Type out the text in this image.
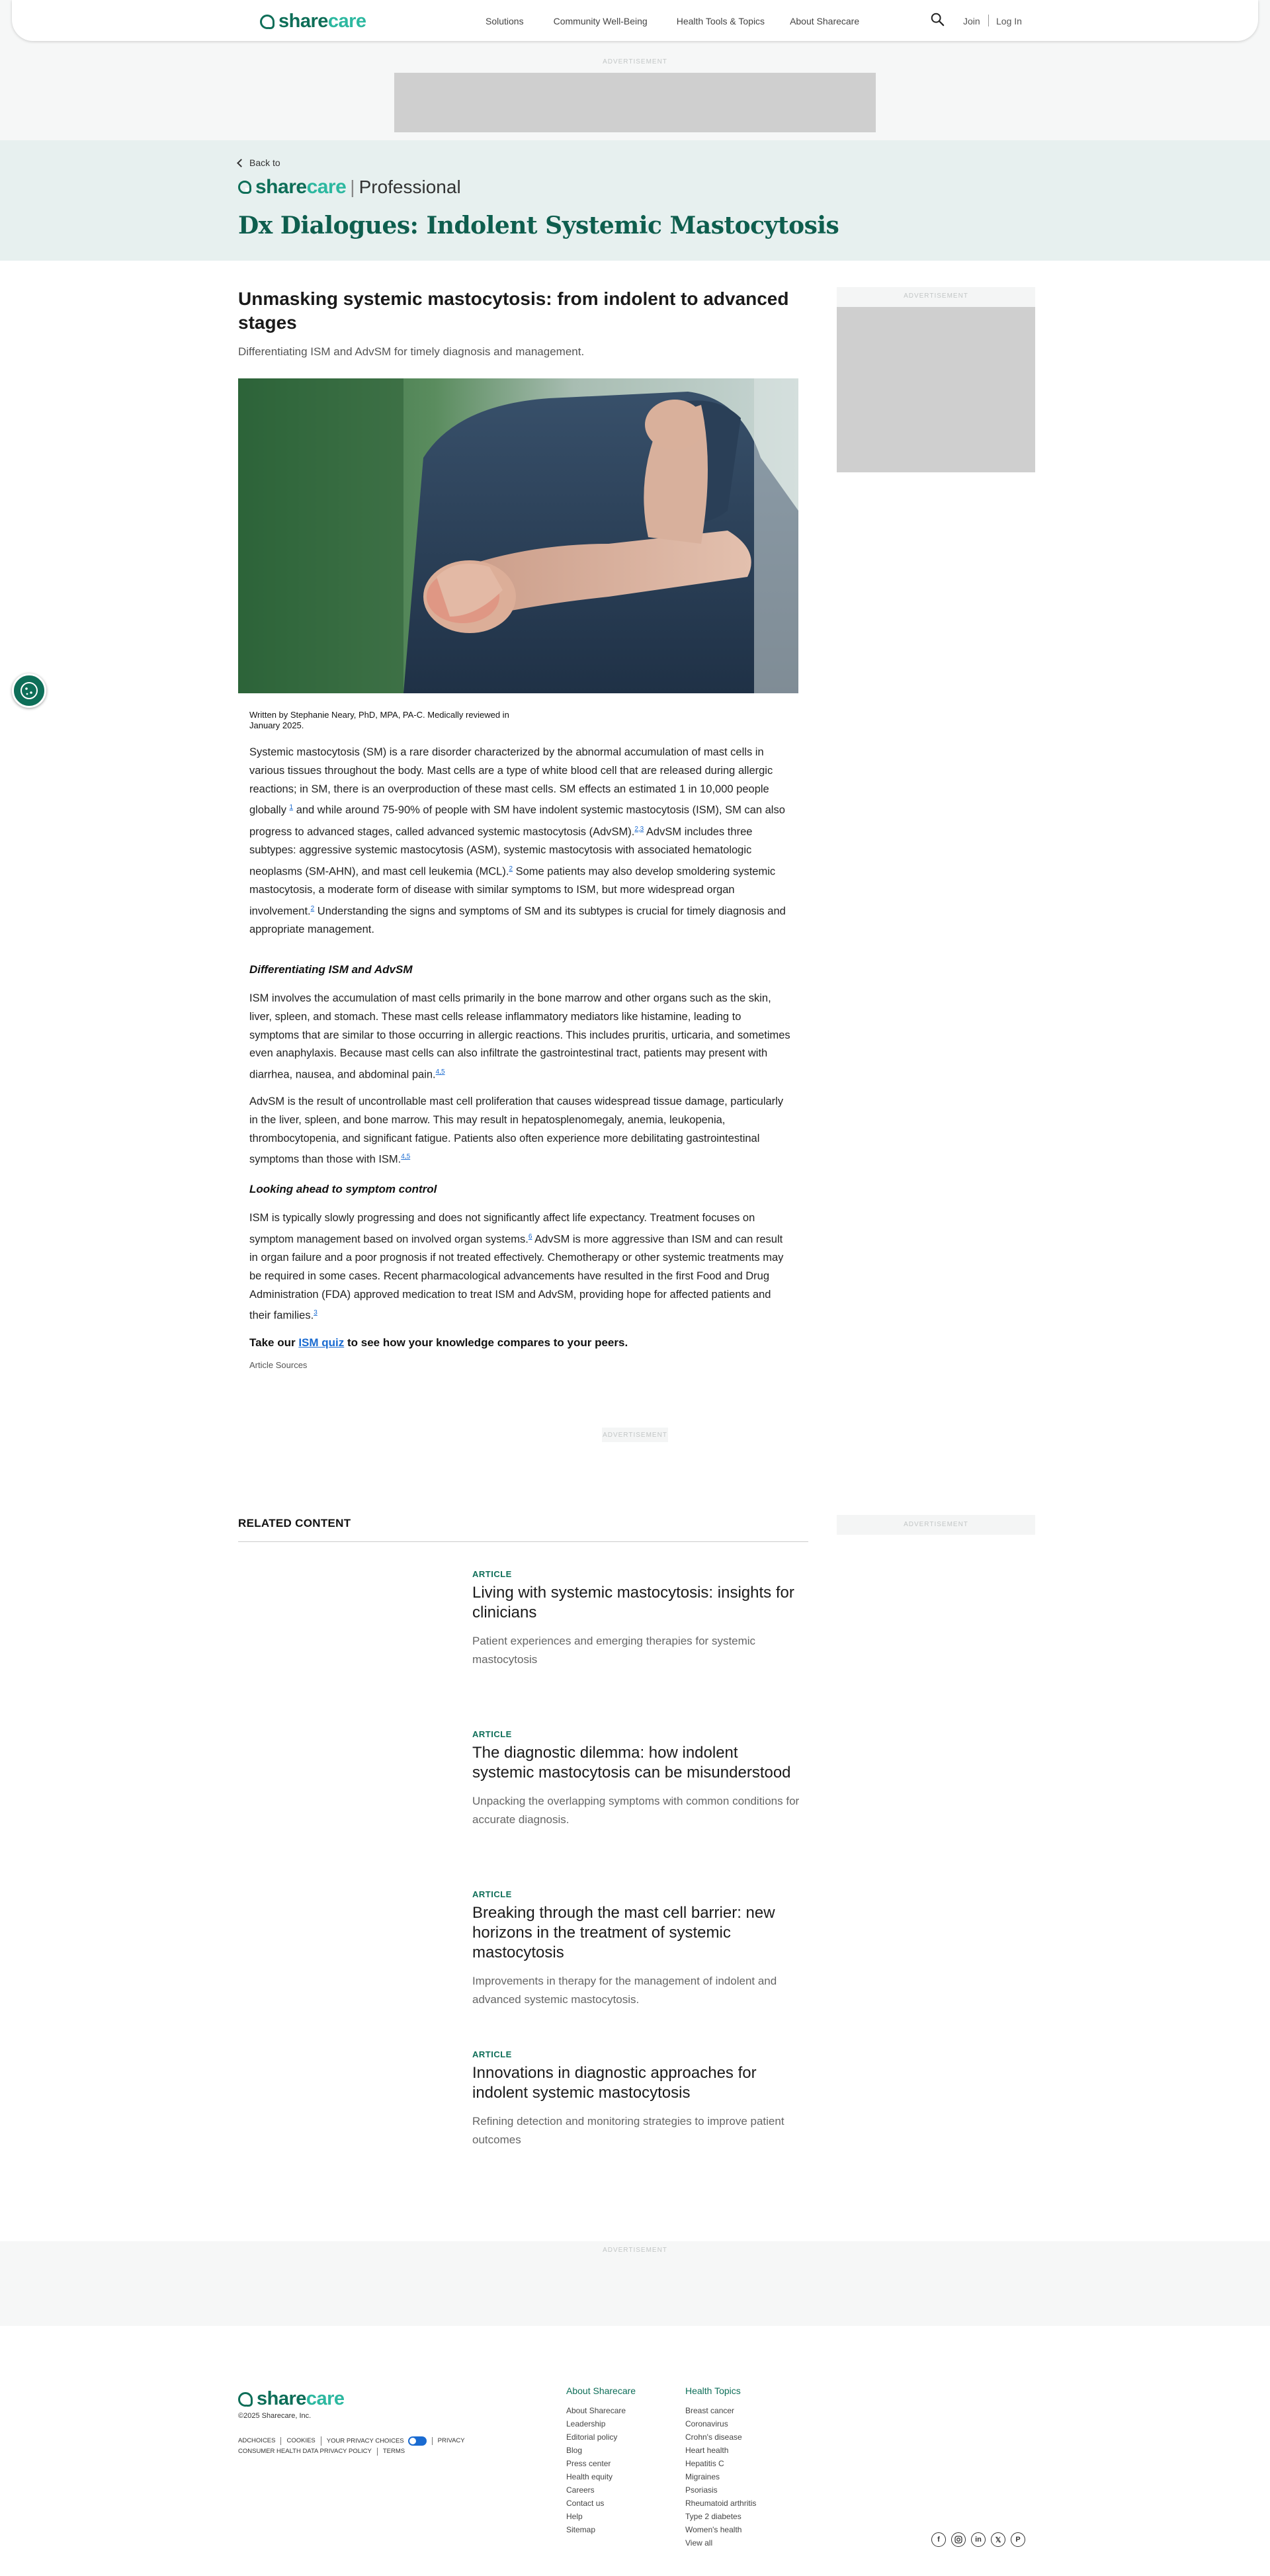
share care	Solutions	Community Well-Being	Health Tools & Topics	About Sharecare	Join Log In
ADVERTISEMENT
Back to
share care
| Professional
Dx Dialogues: Indolent Systemic Mastocytosis
ADVERTISEMENT
Unmasking systemic mastocytosis: from indolent to advanced stages

Differentiating ISM and AdvSM for timely diagnosis and management.

Written by Stephanie Neary, PhD, MPA, PA-C. Medically reviewed in January 2025.

Systemic mastocytosis (SM) is a rare disorder characterized by the abnormal accumulation of mast cells in various tissues throughout the body. Mast cells are a type of white blood cell that are released during allergic reactions; in SM, there is an overproduction of these mast cells. SM effects an estimated 1 in 10,000 people globally $^1$ and while around 75-90% of people with SM have indolent systemic mastocytosis (ISM), SM can also progress to advanced stages, called advanced systemic mastocytosis (AdvSM).$^{2,3}$ AdvSM includes three subtypes: aggressive systemic mastocytosis (ASM), systemic mastocytosis with associated hematologic neoplasms (SM-AHN), and mast cell leukemia (MCL).$^2$ Some patients may also develop smoldering systemic mastocytosis, a moderate form of disease with similar symptoms to ISM, but more widespread organ involvement.$^2$ Understanding the signs and symptoms of SM and its subtypes is crucial for timely diagnosis and appropriate management.

Differentiating ISM and AdvSM

ISM involves the accumulation of mast cells primarily in the bone marrow and other organs such as the skin, liver, spleen, and stomach. These mast cells release inflammatory mediators like histamine, leading to symptoms that are similar to those occurring in allergic reactions. This includes pruritis, urticaria, and sometimes even anaphylaxis. Because mast cells can also infiltrate the gastrointestinal tract, patients may present with diarrhea, nausea, and abdominal pain.$^{4,5}$

AdvSM is the result of uncontrollable mast cell proliferation that causes widespread tissue damage, particularly in the liver, spleen, and bone marrow. This may result in hepatosplenomegaly, anemia, leukopenia, thrombocytopenia, and significant fatigue. Patients also often experience more debilitating gastrointestinal symptoms than those with ISM.$^{4,5}$

Looking ahead to symptom control

ISM is typically slowly progressing and does not significantly affect life expectancy. Treatment focuses on symptom management based on involved organ systems.$^6$ AdvSM is more aggressive than ISM and can result in organ failure and a poor prognosis if not treated effectively. Chemotherapy or other systemic treatments may be required in some cases. Recent pharmacological advancements have resulted in the first Food and Drug Administration (FDA) approved medication to treat ISM and AdvSM, providing hope for affected patients and their families.$^3$

Take our ISM quiz to see how your knowledge compares to your peers.

Article Sources
ADVERTISEMENT
RELATED CONTENT	ADVERTISEMENT
ARTICLE
Living with systemic mastocytosis: insights for clinicians
Patient experiences and emerging therapies for systemic mastocytosis
ARTICLE
The diagnostic dilemma: how indolent systemic mastocytosis can be misunderstood
Unpacking the overlapping symptoms with common conditions for accurate diagnosis.
ARTICLE
Breaking through the mast cell barrier: new horizons in the treatment of systemic mastocytosis
Improvements in therapy for the management of indolent and advanced systemic mastocytosis.
ARTICLE
Innovations in diagnostic approaches for indolent systemic mastocytosis
Refining detection and monitoring strategies to improve patient outcomes
ADVERTISEMENT
share care
©2025 Sharecare, Inc.
ADCHOICES	COOKIES	YOUR PRIVACY CHOICES	PRIVACY
CONSUMER HEALTH DATA PRIVACY POLICY	TERMS
About Sharecare
About Sharecare
Leadership
Editorial policy
Blog
Press center
Health equity
Careers
Contact us
Help
Sitemap
Health Topics
Breast cancer
Coronavirus
Crohn's disease
Heart health
Hepatitis C
Migraines
Psoriasis
Rheumatoid arthritis
Type 2 diabetes
Women's health
View all	f	in	𝕏	P
